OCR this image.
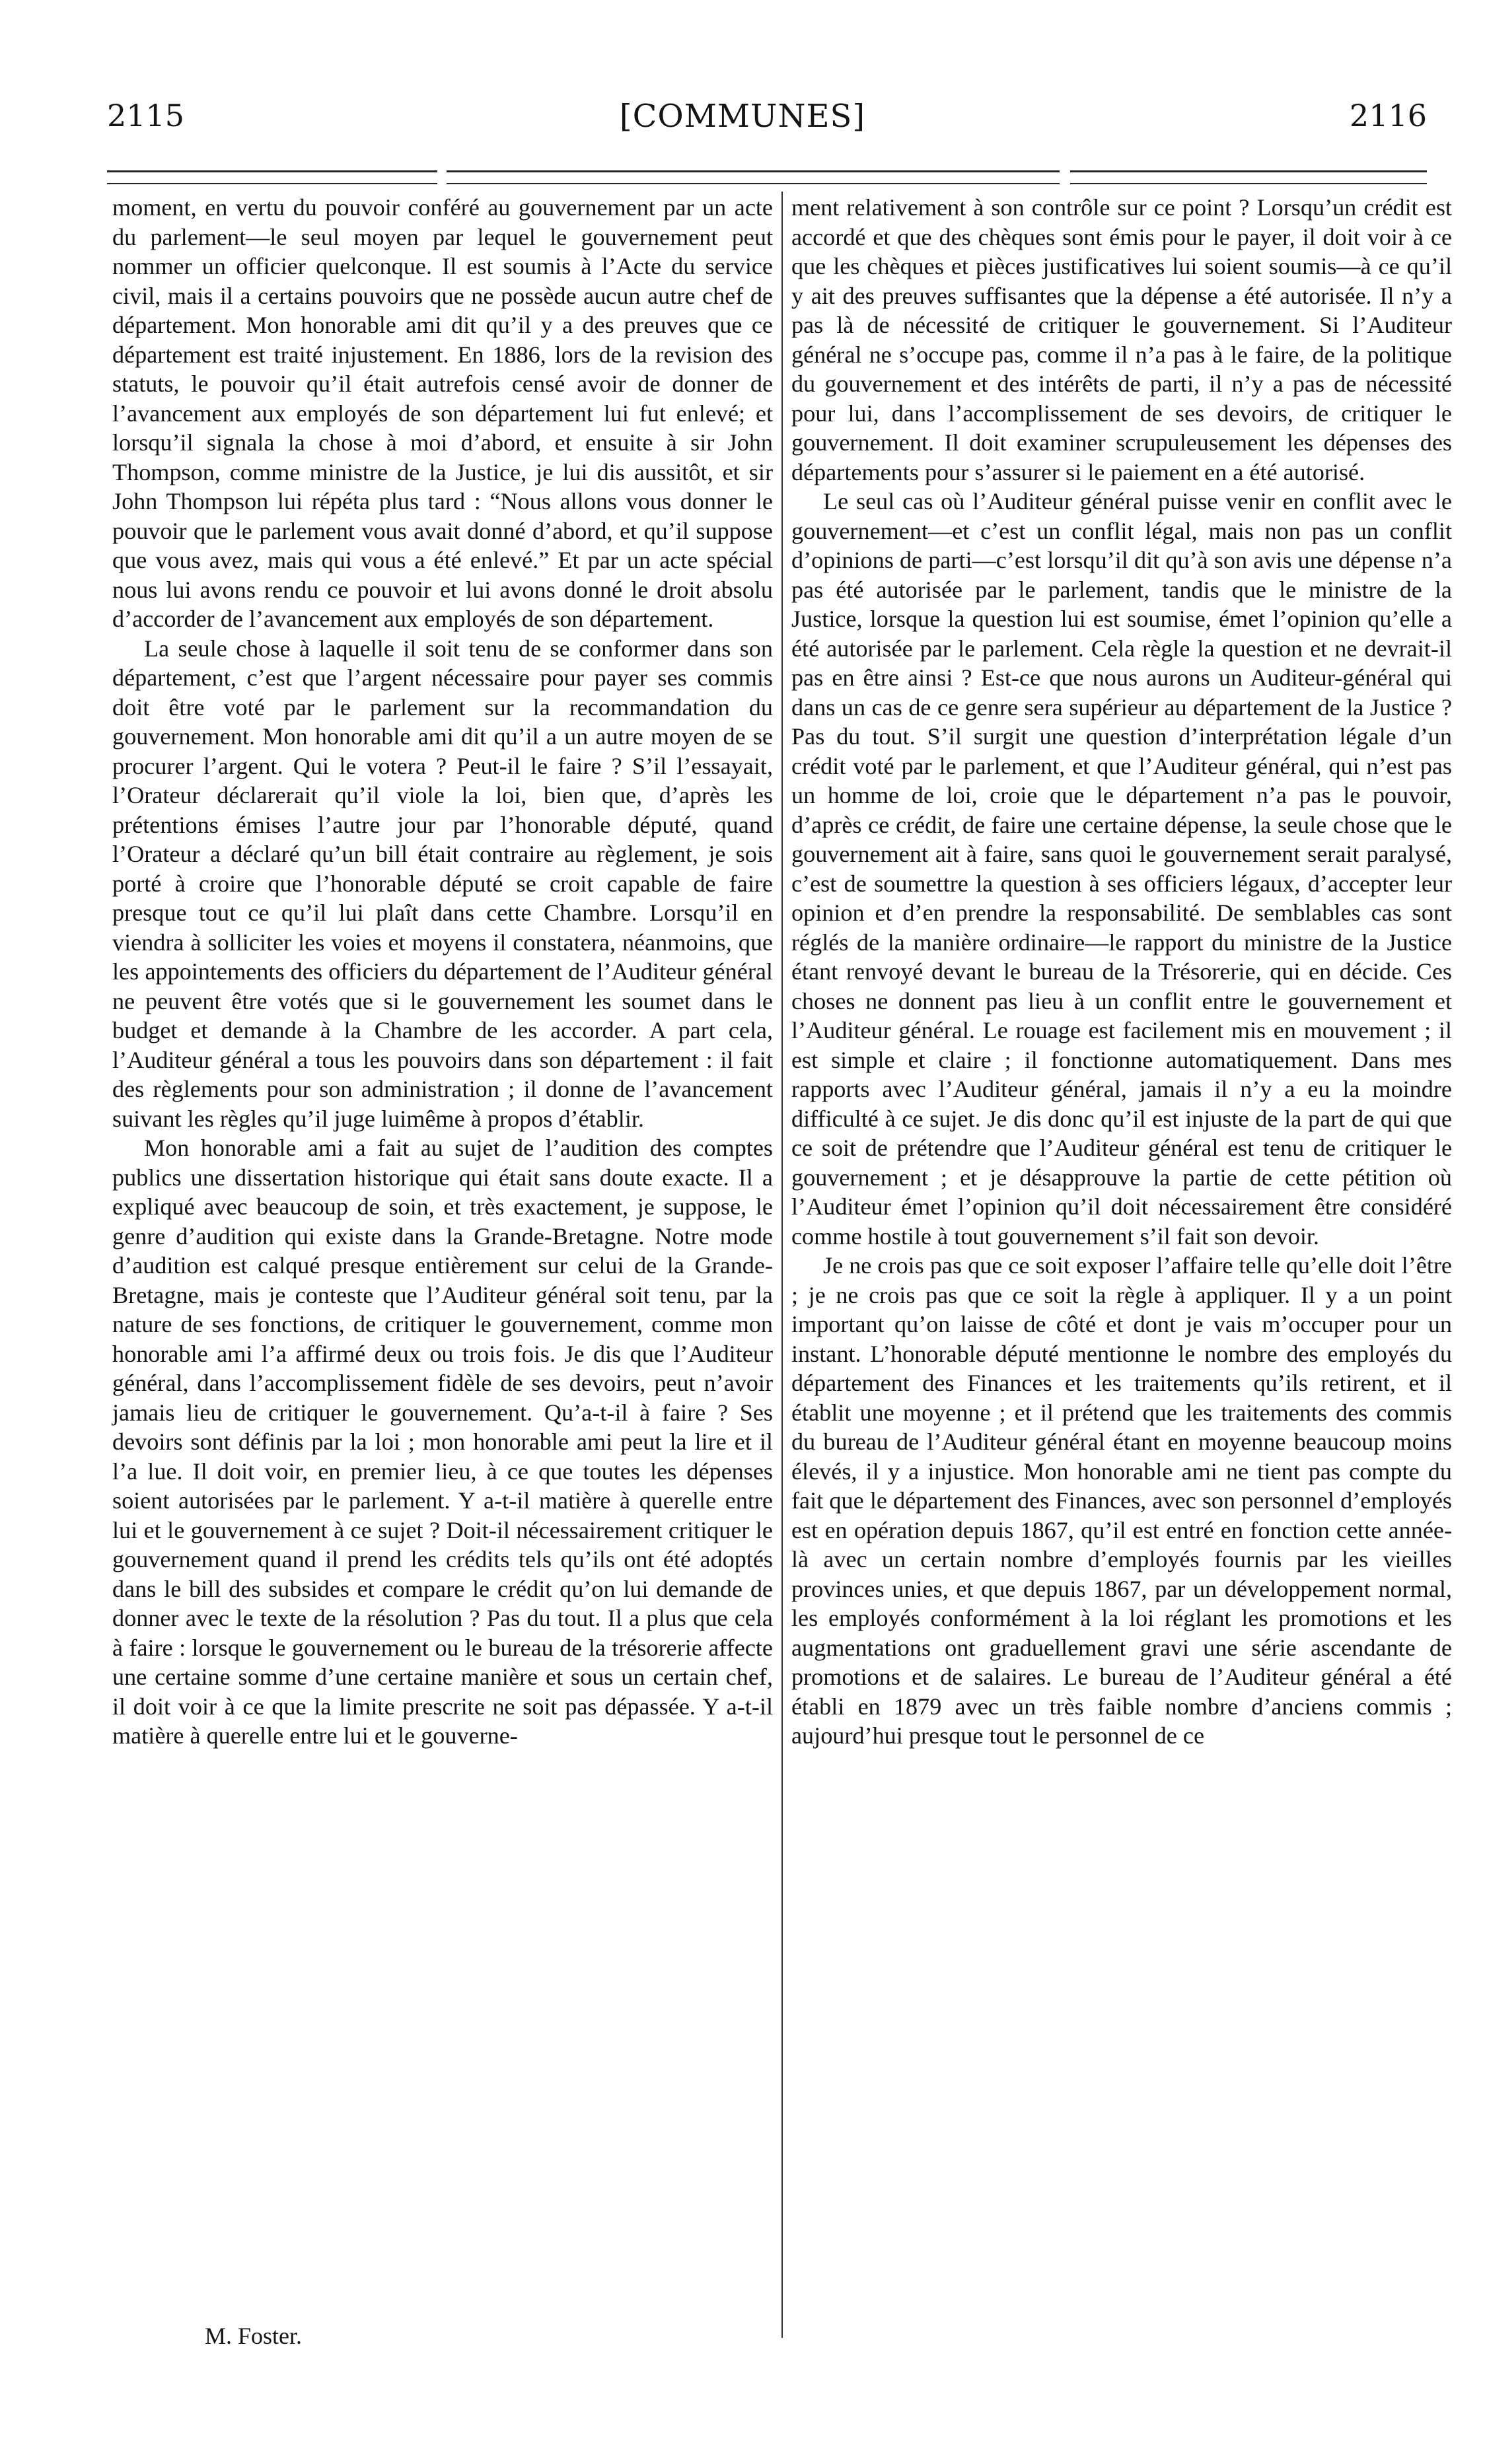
2115	[COMMUNES]	2116

moment, en vertu du pouvoir conféré au gouvernement par un acte du parlement—le seul moyen par lequel le gouvernement peut nommer un officier quelconque. Il est soumis à l’Acte du service civil, mais il a certains pouvoirs que ne possède aucun autre chef de département. Mon honorable ami dit qu’il y a des preuves que ce département est traité injustement. En 1886, lors de la revision des statuts, le pouvoir qu’il était autrefois censé avoir de donner de l’avancement aux employés de son département lui fut enlevé; et lorsqu’il signala la chose à moi d’abord, et ensuite à sir John Thompson, comme ministre de la Justice, je lui dis aussitôt, et sir John Thompson lui répéta plus tard : “Nous allons vous donner le pouvoir que le parlement vous avait donné d’abord, et qu’il suppose que vous avez, mais qui vous a été enlevé.” Et par un acte spécial nous lui avons rendu ce pouvoir et lui avons donné le droit absolu d’accorder de l’avancement aux employés de son département.

La seule chose à laquelle il soit tenu de se conformer dans son département, c’est que l’argent nécessaire pour payer ses commis doit être voté par le parlement sur la recommandation du gouvernement. Mon honorable ami dit qu’il a un autre moyen de se procurer l’argent. Qui le votera ? Peut-il le faire ? S’il l’essayait, l’Orateur déclarerait qu’il viole la loi, bien que, d’après les prétentions émises l’autre jour par l’honorable député, quand l’Orateur a déclaré qu’un bill était contraire au règlement, je sois porté à croire que l’honorable député se croit capable de faire presque tout ce qu’il lui plaît dans cette Chambre. Lorsqu’il en viendra à solliciter les voies et moyens il constatera, néanmoins, que les appointements des officiers du département de l’Auditeur général ne peuvent être votés que si le gouvernement les soumet dans le budget et demande à la Chambre de les accorder. A part cela, l’Auditeur général a tous les pouvoirs dans son département : il fait des règlements pour son administration ; il donne de l’avancement suivant les règles qu’il juge luimême à propos d’établir.

Mon honorable ami a fait au sujet de l’audition des comptes publics une dissertation historique qui était sans doute exacte. Il a expliqué avec beaucoup de soin, et très exactement, je suppose, le genre d’audition qui existe dans la Grande-Bretagne. Notre mode d’audition est calqué presque entièrement sur celui de la Grande-Bretagne, mais je conteste que l’Auditeur général soit tenu, par la nature de ses fonctions, de critiquer le gouvernement, comme mon honorable ami l’a affirmé deux ou trois fois. Je dis que l’Auditeur général, dans l’accomplissement fidèle de ses devoirs, peut n’avoir jamais lieu de critiquer le gouvernement. Qu’a-t-il à faire ? Ses devoirs sont définis par la loi ; mon honorable ami peut la lire et il l’a lue. Il doit voir, en premier lieu, à ce que toutes les dépenses soient autorisées par le parlement. Y a-t-il matière à querelle entre lui et le gouvernement à ce sujet ? Doit-il nécessairement critiquer le gouvernement quand il prend les crédits tels qu’ils ont été adoptés dans le bill des subsides et compare le crédit qu’on lui demande de donner avec le texte de la résolution ? Pas du tout. Il a plus que cela à faire : lorsque le gouvernement ou le bureau de la trésorerie affecte une certaine somme d’une certaine manière et sous un certain chef, il doit voir à ce que la limite prescrite ne soit pas dépassée. Y a-t-il matière à querelle entre lui et le gouverne-

M. Foster.

ment relativement à son contrôle sur ce point ? Lorsqu’un crédit est accordé et que des chèques sont émis pour le payer, il doit voir à ce que les chèques et pièces justificatives lui soient soumis—à ce qu’il y ait des preuves suffisantes que la dépense a été autorisée. Il n’y a pas là de nécessité de critiquer le gouvernement. Si l’Auditeur général ne s’occupe pas, comme il n’a pas à le faire, de la politique du gouvernement et des intérêts de parti, il n’y a pas de nécessité pour lui, dans l’accomplissement de ses devoirs, de critiquer le gouvernement. Il doit examiner scrupuleusement les dépenses des départements pour s’assurer si le paiement en a été autorisé.

Le seul cas où l’Auditeur général puisse venir en conflit avec le gouvernement—et c’est un conflit légal, mais non pas un conflit d’opinions de parti—c’est lorsqu’il dit qu’à son avis une dépense n’a pas été autorisée par le parlement, tandis que le ministre de la Justice, lorsque la question lui est soumise, émet l’opinion qu’elle a été autorisée par le parlement. Cela règle la question et ne devrait-il pas en être ainsi ? Est-ce que nous aurons un Auditeur-général qui dans un cas de ce genre sera supérieur au département de la Justice ? Pas du tout. S’il surgit une question d’interprétation légale d’un crédit voté par le parlement, et que l’Auditeur général, qui n’est pas un homme de loi, croie que le département n’a pas le pouvoir, d’après ce crédit, de faire une certaine dépense, la seule chose que le gouvernement ait à faire, sans quoi le gouvernement serait paralysé, c’est de soumettre la question à ses officiers légaux, d’accepter leur opinion et d’en prendre la responsabilité. De semblables cas sont réglés de la manière ordinaire—le rapport du ministre de la Justice étant renvoyé devant le bureau de la Trésorerie, qui en décide. Ces choses ne donnent pas lieu à un conflit entre le gouvernement et l’Auditeur général. Le rouage est facilement mis en mouvement ; il est simple et claire ; il fonctionne automatiquement. Dans mes rapports avec l’Auditeur général, jamais il n’y a eu la moindre difficulté à ce sujet. Je dis donc qu’il est injuste de la part de qui que ce soit de prétendre que l’Auditeur général est tenu de critiquer le gouvernement ; et je désapprouve la partie de cette pétition où l’Auditeur émet l’opinion qu’il doit nécessairement être considéré comme hostile à tout gouvernement s’il fait son devoir.

Je ne crois pas que ce soit exposer l’affaire telle qu’elle doit l’être ; je ne crois pas que ce soit la règle à appliquer. Il y a un point important qu’on laisse de côté et dont je vais m’occuper pour un instant. L’honorable député mentionne le nombre des employés du département des Finances et les traitements qu’ils retirent, et il établit une moyenne ; et il prétend que les traitements des commis du bureau de l’Auditeur général étant en moyenne beaucoup moins élevés, il y a injustice. Mon honorable ami ne tient pas compte du fait que le département des Finances, avec son personnel d’employés est en opération depuis 1867, qu’il est entré en fonction cette année-là avec un certain nombre d’employés fournis par les vieilles provinces unies, et que depuis 1867, par un développement normal, les employés conformément à la loi réglant les promotions et les augmentations ont graduellement gravi une série ascendante de promotions et de salaires. Le bureau de l’Auditeur général a été établi en 1879 avec un très faible nombre d’anciens commis ; aujourd’hui presque tout le personnel de ce
